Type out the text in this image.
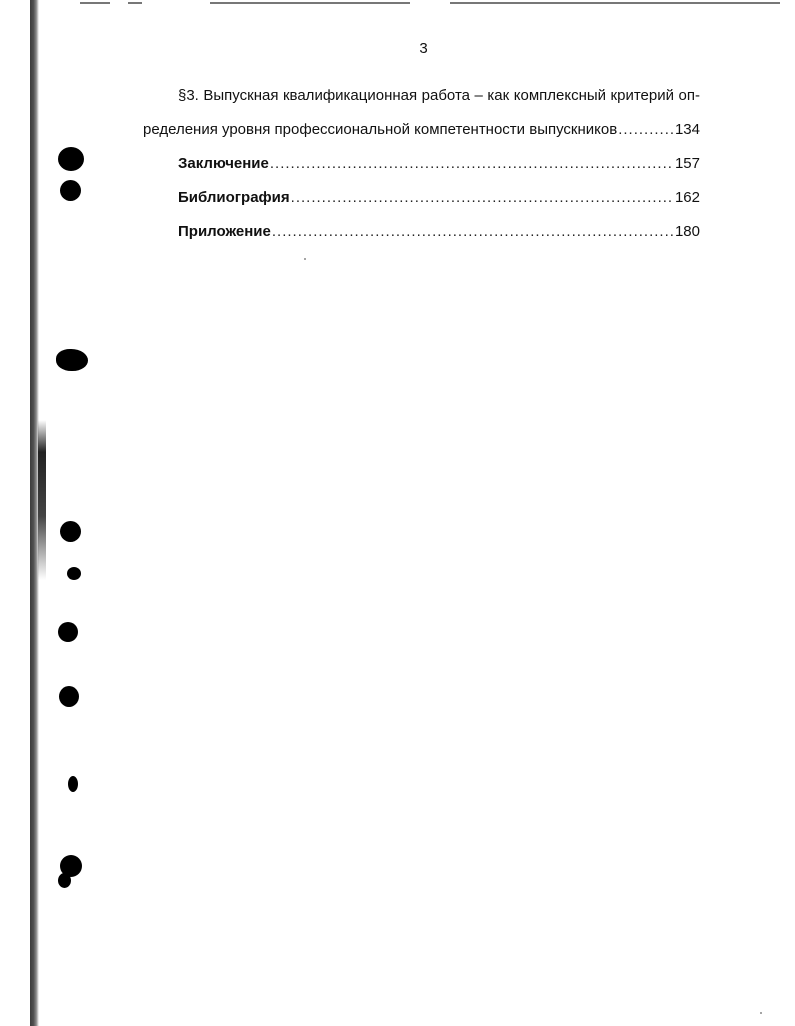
3
§3. Выпускная квалификационная работа – как комплексный критерий оп-
ределения уровня профессиональной компетентности выпускников .....	134
Заключение .....	157
Библиография .....	162
Приложение .....	180
